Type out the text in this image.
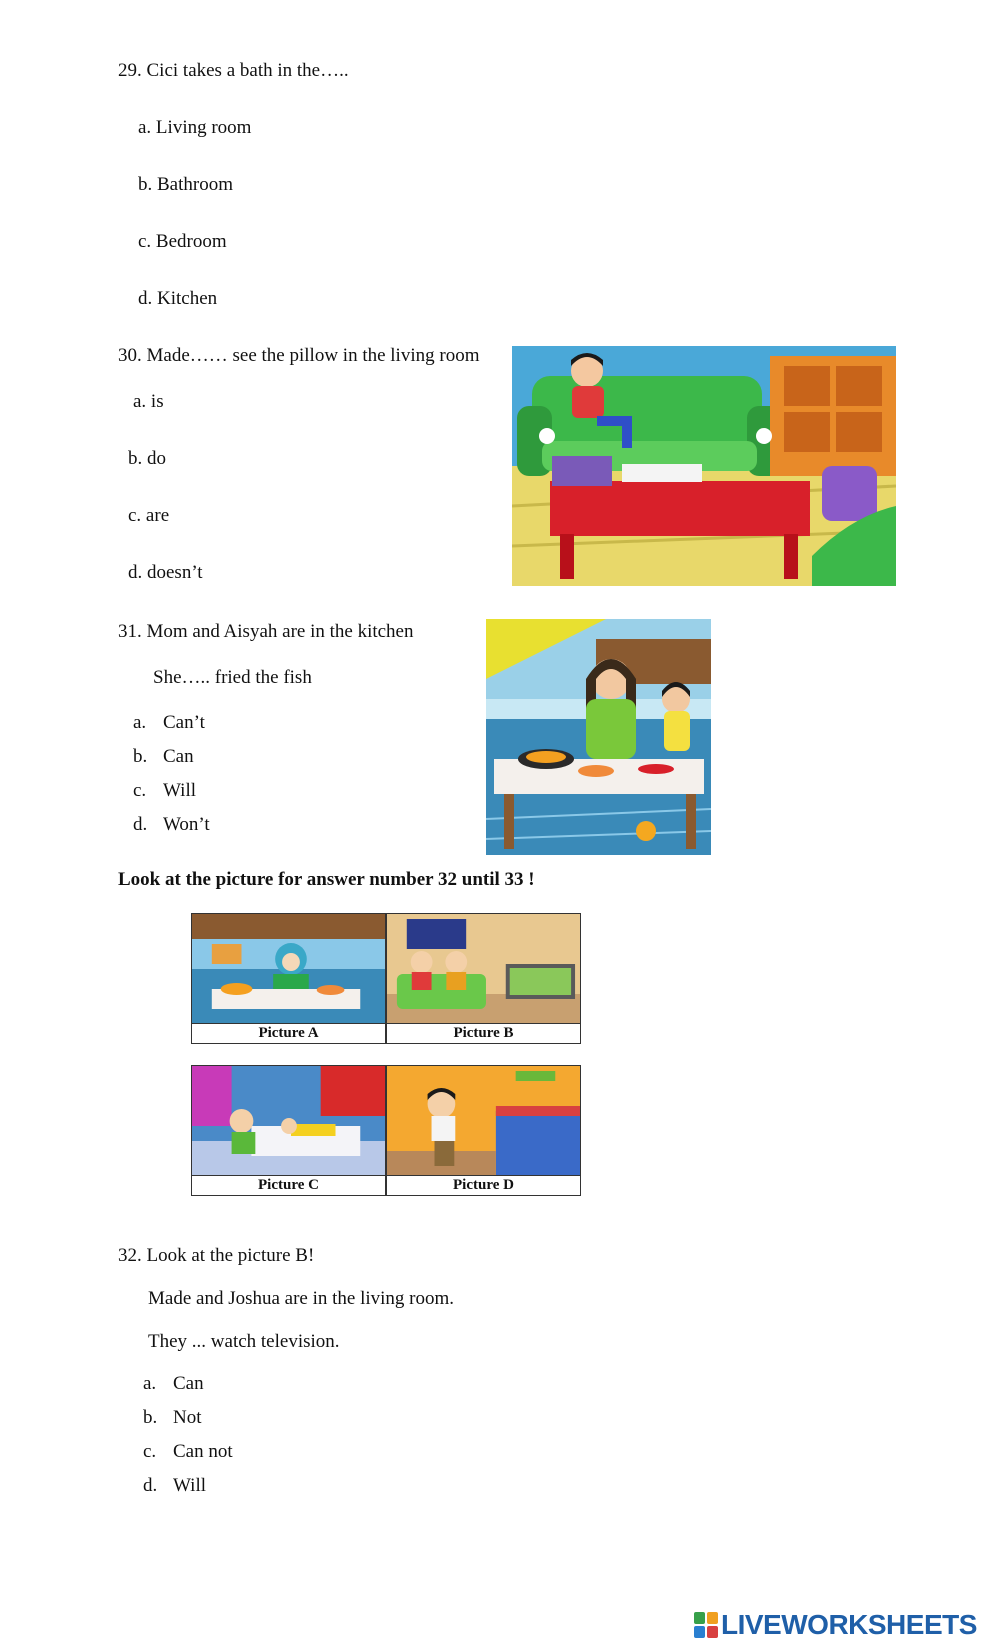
29. Cici takes a bath in the…..
a. Living room
b. Bathroom
c. Bedroom
d. Kitchen
30. Made…… see the pillow in the living room
a. is
b. do
c. are
d. doesn’t
31. Mom and Aisyah are in the kitchen
She….. fried the fish
a. Can’t
b. Can
c. Will
d. Won’t
Look at the picture for answer number 32 until 33 !
Picture A	Picture B
Picture C	Picture D
32. Look at the picture B!
Made and Joshua are in the living room.
They ... watch television.
a. Can
b. Not
c. Can not
d. Will
LIVEWORKSHEETS
